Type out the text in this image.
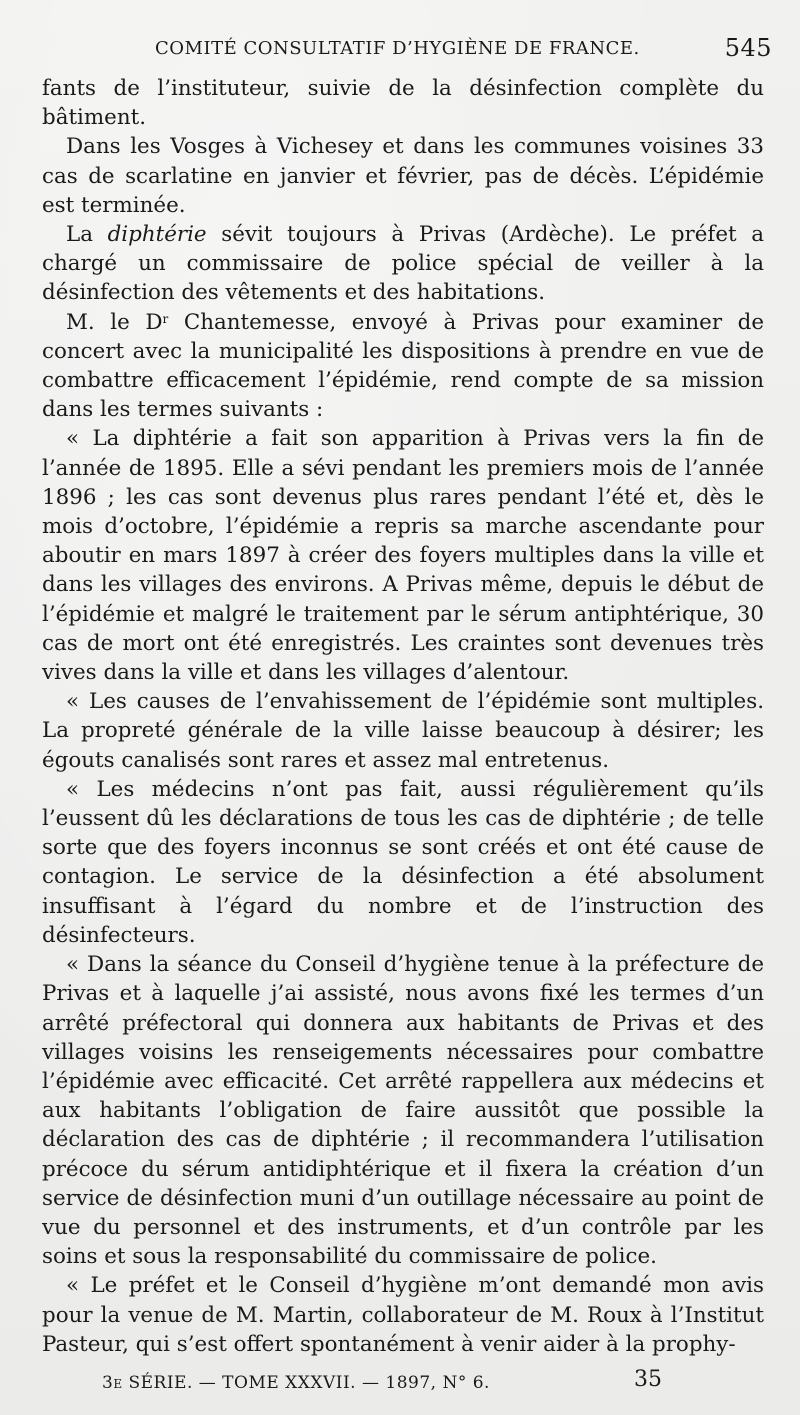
COMITÉ CONSULTATIF D’HYGIÈNE DE FRANCE.	545

fants de l’instituteur, suivie de la désinfection complète du bâtiment.

Dans les Vosges à Vichesey et dans les communes voisines 33 cas de scarlatine en janvier et février, pas de décès. L’épidémie est terminée.

La diphtérie sévit toujours à Privas (Ardèche). Le préfet a chargé un commissaire de police spécial de veiller à la désinfection des vêtements et des habitations.

M. le $D^r$ Chantemesse, envoyé à Privas pour examiner de concert avec la municipalité les dispositions à prendre en vue de combattre efficacement l’épidémie, rend compte de sa mission dans les termes suivants :

« La diphtérie a fait son apparition à Privas vers la fin de l’année de 1895. Elle a sévi pendant les premiers mois de l’année 1896 ; les cas sont devenus plus rares pendant l’été et, dès le mois d’octobre, l’épidémie a repris sa marche ascendante pour aboutir en mars 1897 à créer des foyers multiples dans la ville et dans les villages des environs. A Privas même, depuis le début de l’épidémie et malgré le traitement par le sérum antiphtérique, 30 cas de mort ont été enregistrés. Les craintes sont devenues très vives dans la ville et dans les villages d’alentour.

« Les causes de l’envahissement de l’épidémie sont multiples. La propreté générale de la ville laisse beaucoup à désirer; les égouts canalisés sont rares et assez mal entretenus.

« Les médecins n’ont pas fait, aussi régulièrement qu’ils l’eussent dû les déclarations de tous les cas de diphtérie ; de telle sorte que des foyers inconnus se sont créés et ont été cause de contagion. Le service de la désinfection a été absolument insuffisant à l’égard du nombre et de l’instruction des désinfecteurs.

« Dans la séance du Conseil d’hygiène tenue à la préfecture de Privas et à laquelle j’ai assisté, nous avons fixé les termes d’un arrêté préfectoral qui donnera aux habitants de Privas et des villages voisins les renseigements nécessaires pour combattre l’épidémie avec efficacité. Cet arrêté rappellera aux médecins et aux habitants l’obligation de faire aussitôt que possible la déclaration des cas de diphtérie ; il recommandera l’utilisation précoce du sérum antidiphtérique et il fixera la création d’un service de désinfection muni d’un outillage nécessaire au point de vue du personnel et des instruments, et d’un contrôle par les soins et sous la responsabilité du commissaire de police.

« Le préfet et le Conseil d’hygiène m’ont demandé mon avis pour la venue de M. Martin, collaborateur de M. Roux à l’Institut Pasteur, qui s’est offert spontanément à venir aider à la prophy-

3e SÉRIE. — TOME XXXVII. — 1897, N° 6.	35
